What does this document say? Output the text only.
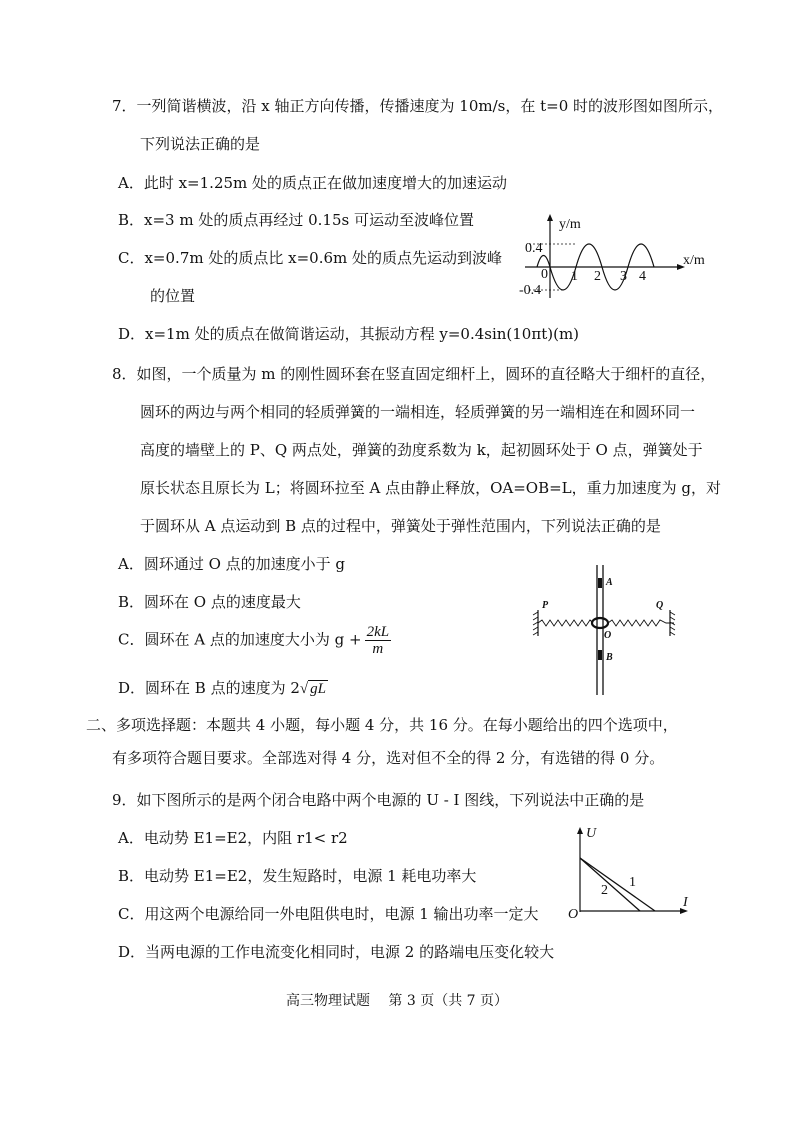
7．一列简谐横波，沿 x 轴正方向传播，传播速度为 10m/s，在 t=0 时的波形图如图所示，
下列说法正确的是
A．此时 x=1.25m 处的质点正在做加速度增大的加速运动
B．x=3 m 处的质点再经过 0.15s 可运动至波峰位置
C．x=0.7m 处的质点比 x=0.6m 处的质点先运动到波峰
的位置
D．x=1m 处的质点在做简谐运动，其振动方程 y=0.4sin(10πt)(m)
y/m
x/m
0.4
-0.4
0 1 2 3 4
8．如图，一个质量为 m 的刚性圆环套在竖直固定细杆上，圆环的直径略大于细杆的直径，
圆环的两边与两个相同的轻质弹簧的一端相连，轻质弹簧的另一端相连在和圆环同一
高度的墙壁上的 P、Q 两点处，弹簧的劲度系数为 k，起初圆环处于 O 点，弹簧处于
原长状态且原长为 L；将圆环拉至 A 点由静止释放，OA=OB=L，重力加速度为 g，对
于圆环从 A 点运动到 B 点的过程中，弹簧处于弹性范围内，下列说法正确的是
A．圆环通过 O 点的加速度小于 g
B．圆环在 O 点的速度最大
C．圆环在 A 点的加速度大小为 $g + \frac{2kL}{m}$
D．圆环在 B 点的速度为 2√ gL
A
B
O
P	Q
二、多项选择题：本题共 4 小题，每小题 4 分，共 16 分。在每小题给出的四个选项中，
有多项符合题目要求。全部选对得 4 分，选对但不全的得 2 分，有选错的得 0 分。
9．如下图所示的是两个闭合电路中两个电源的 U - I 图线，下列说法中正确的是
A．电动势 E1=E2，内阻 r1< r2
B．电动势 E1=E2，发生短路时，电源 1 耗电功率大
C．用这两个电源给同一外电阻供电时，电源 1 输出功率一定大
D．当两电源的工作电流变化相同时，电源 2 的路端电压变化较大
U
I
O
1
2
高三物理试题　 第 3 页（共 7 页）
